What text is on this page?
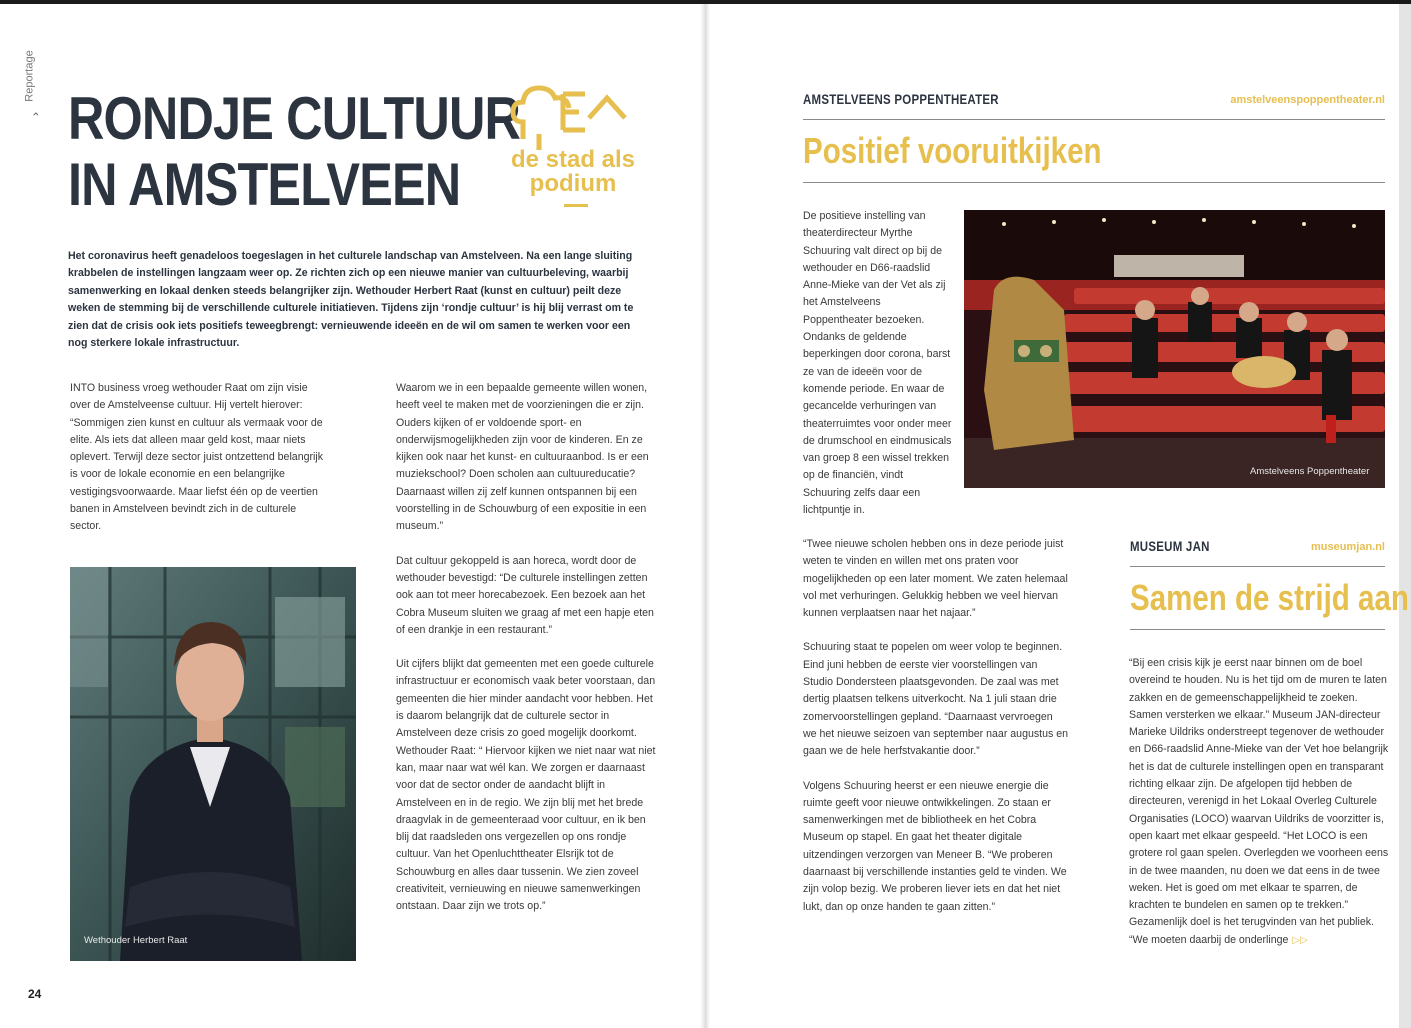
Reportage
› RONDJE CULTUUR
IN AMSTELVEEN de stad als
podium
Het coronavirus heeft genadeloos toegeslagen in het culturele landschap van Amstelveen. Na een lange sluiting krabbelen de instellingen langzaam weer op. Ze richten zich op een nieuwe manier van cultuurbeleving, waarbij samenwerking en lokaal denken steeds belangrijker zijn. Wethouder Herbert Raat (kunst en cultuur) peilt deze weken de stemming bij de verschillende culturele initiatieven. Tijdens zijn ‘rondje cultuur’ is hij blij verrast om te zien dat de crisis ook iets positiefs teweegbrengt: vernieuwende ideeën en de wil om samen te werken voor een nog sterkere lokale infrastructuur.

INTO business vroeg wethouder Raat om zijn visie over de Amstelveense cultuur. Hij vertelt hierover: “Sommigen zien kunst en cultuur als vermaak voor de elite. Als iets dat alleen maar geld kost, maar niets oplevert. Terwijl deze sector juist ontzettend belangrijk is voor de lokale economie en een belangrijke vestigingsvoorwaarde. Maar liefst één op de veertien banen in Amstelveen bevindt zich in de culturele sector.

Waarom we in een bepaalde gemeente willen wonen, heeft veel te maken met de voorzieningen die er zijn. Ouders kijken of er voldoende sport- en onderwijsmogelijkheden zijn voor de kinderen. En ze kijken ook naar het kunst- en cultuuraanbod. Is er een muziekschool? Doen scholen aan cultuureducatie? Daarnaast willen zij zelf kunnen ontspannen bij een voorstelling in de Schouwburg of een expositie in een museum.”

Dat cultuur gekoppeld is aan horeca, wordt door de wethouder bevestigd: “De culturele instellingen zetten ook aan tot meer horecabezoek. Een bezoek aan het Cobra Museum sluiten we graag af met een hapje eten of een drankje in een restaurant.”

Uit cijfers blijkt dat gemeenten met een goede culturele infrastructuur er economisch vaak beter voorstaan, dan gemeenten die hier minder aandacht voor hebben. Het is daarom belangrijk dat de culturele sector in Amstelveen deze crisis zo goed mogelijk doorkomt. Wethouder Raat: “ Hiervoor kijken we niet naar wat niet kan, maar naar wat wél kan. We zorgen er daarnaast voor dat de sector onder de aandacht blijft in Amstelveen en in de regio. We zijn blij met het brede draagvlak in de gemeenteraad voor cultuur, en ik ben blij dat raadsleden ons vergezellen op ons rondje cultuur. Van het Openluchttheater Elsrijk tot de Schouwburg en alles daar tussenin. We zien zoveel creativiteit, vernieuwing en nieuwe samenwerkingen ontstaan. Daar zijn we trots op.”

Wethouder Herbert Raat
24
AMSTELVEENS POPPENTHEATER	amstelveenspoppentheater.nl
Positief vooruitkijken

De positieve instelling van theaterdirecteur Myrthe Schuuring valt direct op bij de wethouder en D66-raadslid Anne-Mieke van der Vet als zij het Amstelveens Poppentheater bezoeken. Ondanks de geldende beperkingen door corona, barst ze van de ideeën voor de komende periode. En waar de gecancelde verhuringen van theaterruimtes voor onder meer de drumschool en eindmusicals van groep 8 een wissel trekken op de financiën, vindt Schuuring zelfs daar een lichtpuntje in.

Amstelveens Poppentheater

“Twee nieuwe scholen hebben ons in deze periode juist weten te vinden en willen met ons praten voor mogelijkheden op een later moment. We zaten helemaal vol met verhuringen. Gelukkig hebben we veel hiervan kunnen verplaatsen naar het najaar.”

Schuuring staat te popelen om weer volop te beginnen. Eind juni hebben de eerste vier voorstellingen van Studio Dondersteen plaatsgevonden. De zaal was met dertig plaatsen telkens uitverkocht. Na 1 juli staan drie zomervoorstellingen gepland. “Daarnaast vervroegen we het nieuwe seizoen van september naar augustus en gaan we de hele herfstvakantie door.”

Volgens Schuuring heerst er een nieuwe energie die ruimte geeft voor nieuwe ontwikkelingen. Zo staan er samenwerkingen met de bibliotheek en het Cobra Museum op stapel. En gaat het theater digitale uitzendingen verzorgen van Meneer B. “We proberen daarnaast bij verschillende instanties geld te vinden. We zijn volop bezig. We proberen liever iets en dat het niet lukt, dan op onze handen te gaan zitten.”

MUSEUM JAN	museumjan.nl
Samen de strijd aan

“Bij een crisis kijk je eerst naar binnen om de boel overeind te houden. Nu is het tijd om de muren te laten zakken en de gemeenschappelijkheid te zoeken. Samen versterken we elkaar.” Museum JAN-directeur Marieke Uildriks onderstreept tegenover de wethouder en D66-raadslid Anne-Mieke van der Vet hoe belangrijk het is dat de culturele instellingen open en transparant richting elkaar zijn. De afgelopen tijd hebben de directeuren, verenigd in het Lokaal Overleg Culturele Organisaties (LOCO) waarvan Uildriks de voorzitter is, open kaart met elkaar gespeeld. “Het LOCO is een grotere rol gaan spelen. Overlegden we voorheen eens in de twee maanden, nu doen we dat eens in de twee weken. Het is goed om met elkaar te sparren, de krachten te bundelen en samen op te trekken.” Gezamenlijk doel is het terugvinden van het publiek. “We moeten daarbij de onderlinge ▷▷
